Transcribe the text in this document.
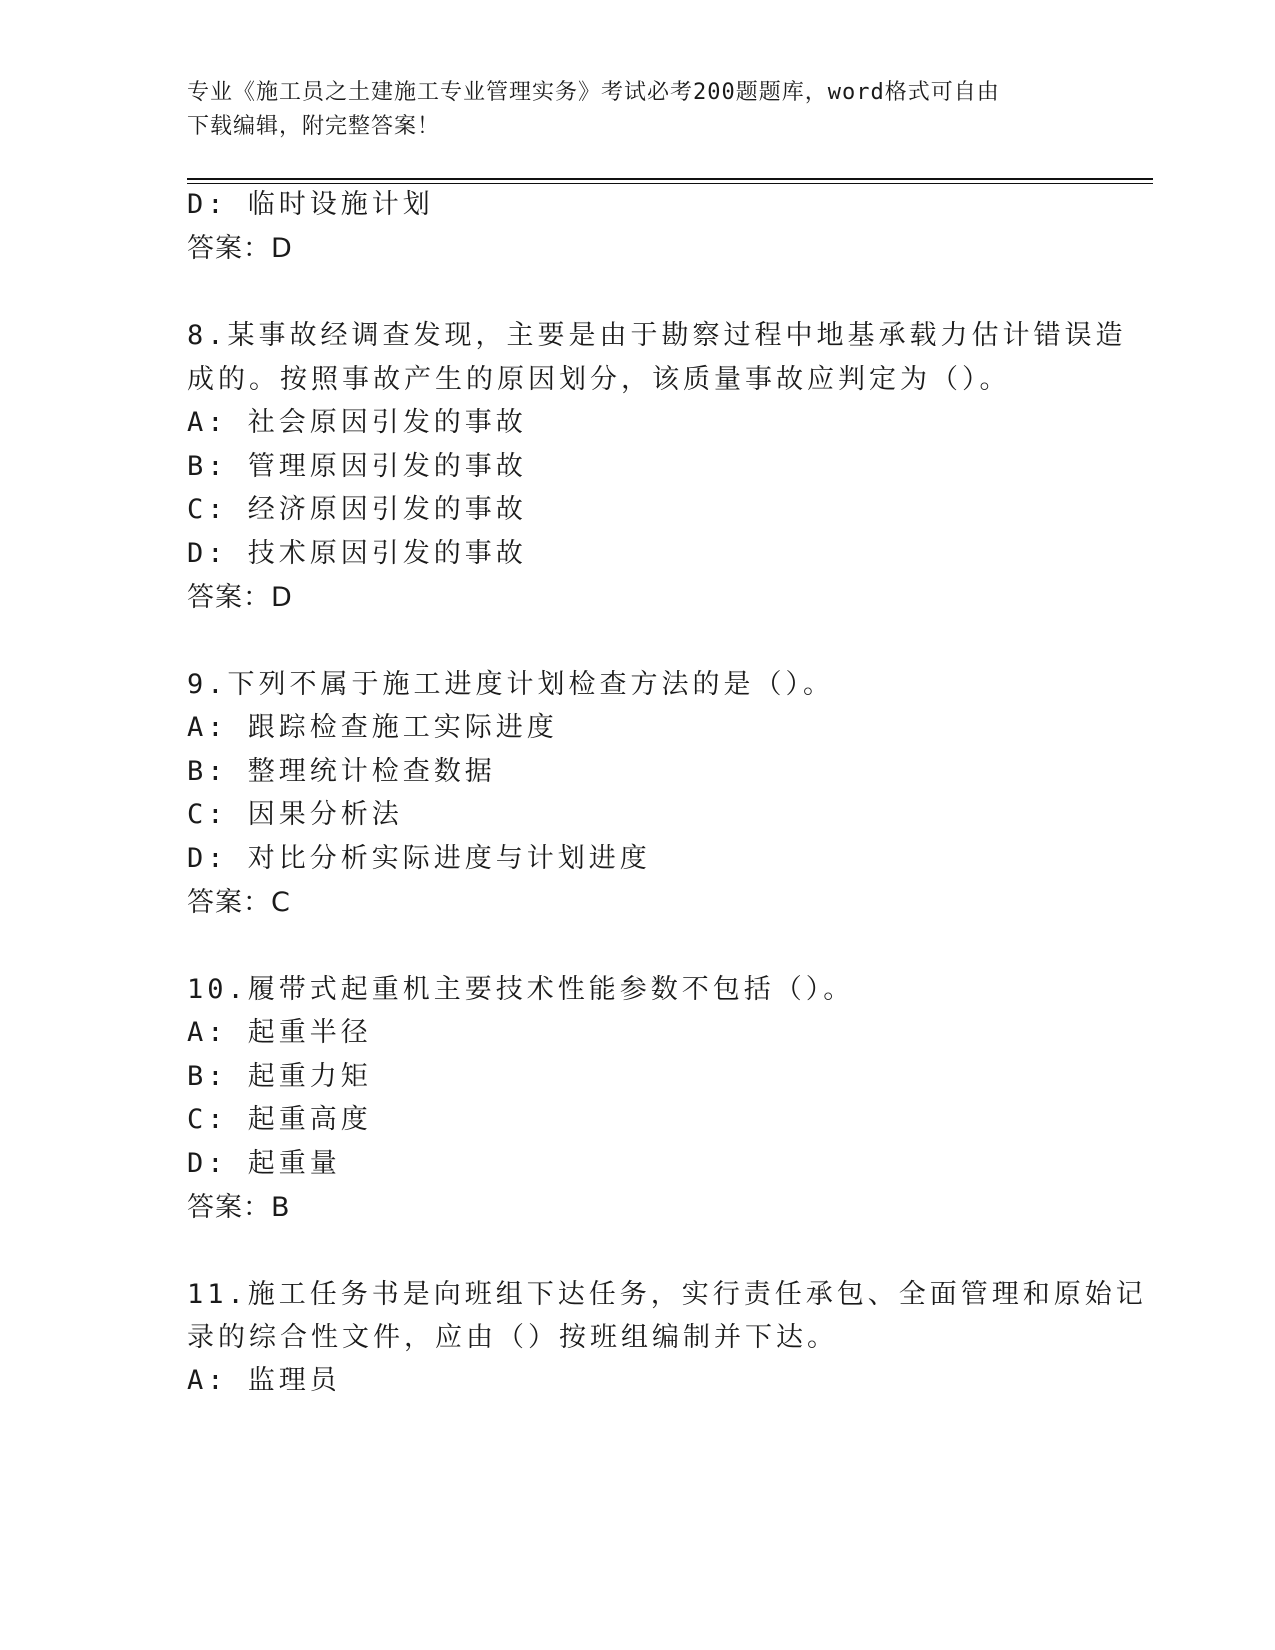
专业《施工员之土建施工专业管理实务》考试必考200题题库，word格式可自由
下载编辑，附完整答案！
D: 临时设施计划
答案：D
8.某事故经调查发现，主要是由于勘察过程中地基承载力估计错误造
成的。按照事故产生的原因划分，该质量事故应判定为（）。
A: 社会原因引发的事故
B: 管理原因引发的事故
C: 经济原因引发的事故
D: 技术原因引发的事故
答案：D
9.下列不属于施工进度计划检查方法的是（）。
A: 跟踪检查施工实际进度
B: 整理统计检查数据
C: 因果分析法
D: 对比分析实际进度与计划进度
答案：C
10.履带式起重机主要技术性能参数不包括（）。
A: 起重半径
B: 起重力矩
C: 起重高度
D: 起重量
答案：B
11.施工任务书是向班组下达任务，实行责任承包、全面管理和原始记
录的综合性文件，应由（）按班组编制并下达。
A: 监理员
